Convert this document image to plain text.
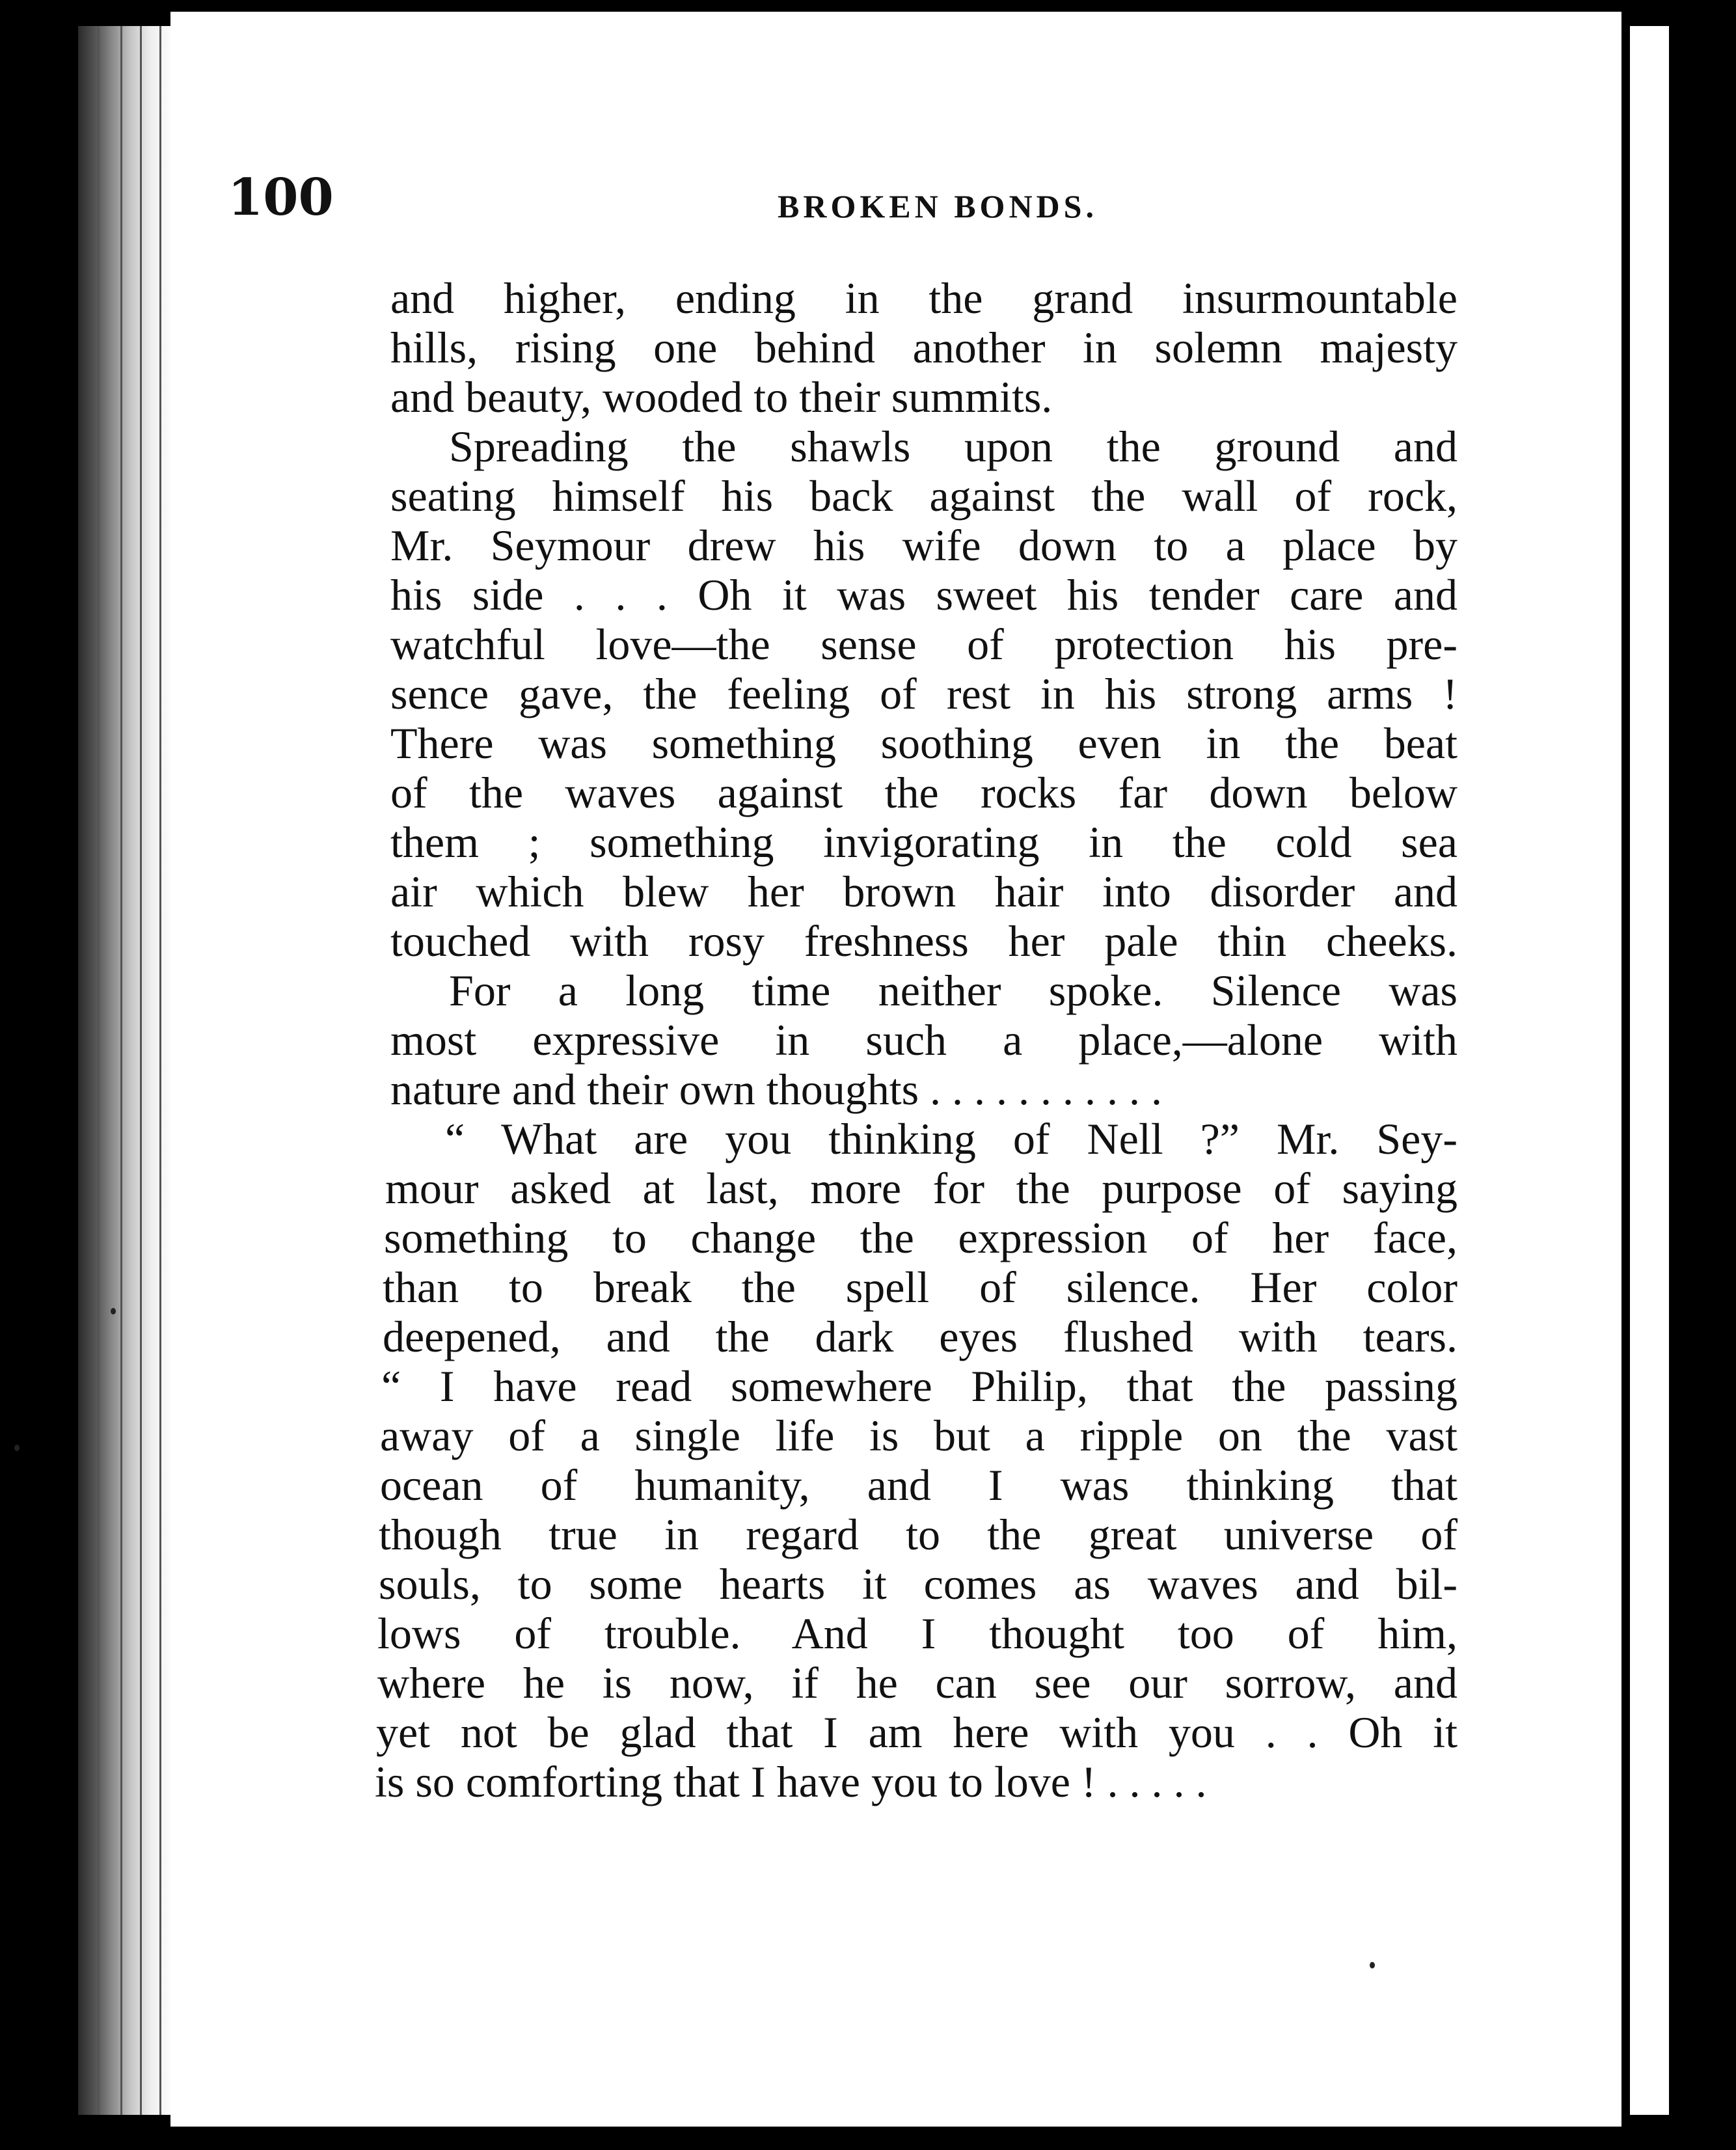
100	BROKEN BONDS.
and higher, ending in the grand insurmountable
hills, rising one behind another in solemn majesty
and beauty, wooded to their summits.
Spreading the shawls upon the ground and
seating himself his back against the wall of rock,
Mr. Seymour drew his wife down to a place by
his side . . . Oh it was sweet his tender care and
watchful love—the sense of protection his pre-
sence gave, the feeling of rest in his strong arms !
There was something soothing even in the beat
of the waves against the rocks far down below
them ; something invigorating in the cold sea
air which blew her brown hair into disorder and
touched with rosy freshness her pale thin cheeks.
For a long time neither spoke. Silence was
most expressive in such a place,—alone with
nature and their own thoughts . . . . . . . . . . .
“ What are you thinking of Nell ?” Mr. Sey-
mour asked at last, more for the purpose of saying
something to change the expression of her face,
than to break the spell of silence. Her color
deepened, and the dark eyes flushed with tears.
“ I have read somewhere Philip, that the passing
away of a single life is but a ripple on the vast
ocean of humanity, and I was thinking that
though true in regard to the great universe of
souls, to some hearts it comes as waves and bil-
lows of trouble. And I thought too of him,
where he is now, if he can see our sorrow, and
yet not be glad that I am here with you . . Oh it
is so comforting that I have you to love ! . . . . .
